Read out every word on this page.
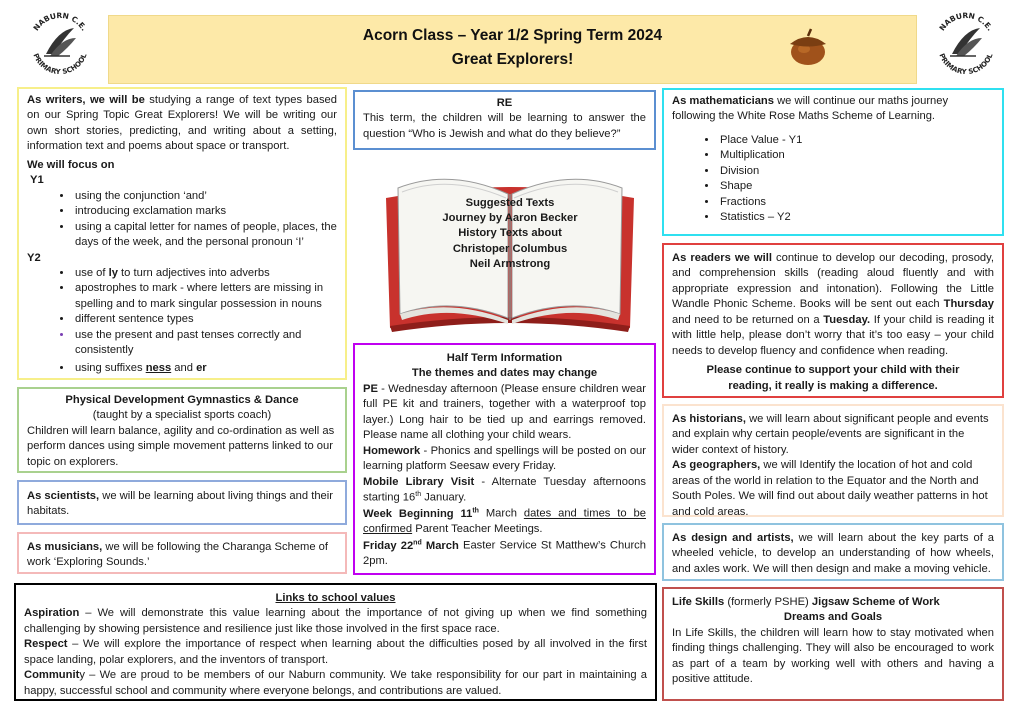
Acorn Class – Year 1/2 Spring Term 2024
Great Explorers!
NABURN C.E.
PRIMARY SCHOOL
NABURN C.E.
PRIMARY SCHOOL

As writers, we will be studying a range of text types based on our Spring Topic Great Explorers! We will be writing our own short stories, predicting, and writing about a setting, information text and poems about space or transport.

We will focus on

Y1

• using the conjunction ‘and’
• introducing exclamation marks
• using a capital letter for names of people, places, the days of the week, and the personal pronoun ‘I’

Y2

• use of ly to turn adjectives into adverbs
• apostrophes to mark - where letters are missing in spelling and to mark singular possession in nouns
• different sentence types
• use the present and past tenses correctly and consistently
• using suffixes ness and er

Physical Development Gymnastics & Dance

(taught by a specialist sports coach)

Children will learn balance, agility and co-ordination as well as perform dances using simple movement patterns linked to our topic on explorers.

As scientists, we will be learning about living things and their habitats.

As musicians, we will be following the Charanga Scheme of work ‘Exploring Sounds.’

Links to school values

Aspiration – We will demonstrate this value learning about the importance of not giving up when we find something challenging by showing persistence and resilience just like those involved in the first space race.

Respect – We will explore the importance of respect when learning about the difficulties posed by all involved in the first space landing, polar explorers, and the inventors of transport.

Community – We are proud to be members of our Naburn community. We take responsibility for our part in maintaining a happy, successful school and community where everyone belongs, and contributions are valued.

RE

This term, the children will be learning to answer the question “Who is Jewish and what do they believe?”

Suggested Texts
Journey by Aaron Becker
History Texts about
Christoper Columbus
Neil Armstrong

Half Term Information

The themes and dates may change

PE - Wednesday afternoon (Please ensure children wear full PE kit and trainers, together with a waterproof top layer.) Long hair to be tied up and earrings removed. Please name all clothing your child wears.

Homework - Phonics and spellings will be posted on our learning platform Seesaw every Friday.

Mobile Library Visit - Alternate Tuesday afternoons starting 16th January.

Week Beginning 11th March dates and times to be confirmed Parent Teacher Meetings.

Friday 22nd March Easter Service St Matthew’s Church 2pm.

As mathematicians we will continue our maths journey following the White Rose Maths Scheme of Learning.

• Place Value - Y1
• Multiplication
• Division
• Shape
• Fractions
• Statistics – Y2

As readers we will continue to develop our decoding, prosody, and comprehension skills (reading aloud fluently and with appropriate expression and intonation). Following the Little Wandle Phonic Scheme. Books will be sent out each Thursday and need to be returned on a Tuesday. If your child is reading it with little help, please don’t worry that it’s too easy – your child needs to develop fluency and confidence when reading.

Please continue to support your child with their

reading, it really is making a difference.

As historians, we will learn about significant people and events and explain why certain people/events are significant in the wider context of history.

As geographers, we will Identify the location of hot and cold areas of the world in relation to the Equator and the North and South Poles. We will find out about daily weather patterns in hot and cold areas.

As design and artists, we will learn about the key parts of a wheeled vehicle, to develop an understanding of how wheels, and axles work. We will then design and make a moving vehicle.

Life Skills (formerly PSHE) Jigsaw Scheme of Work

Dreams and Goals

In Life Skills, the children will learn how to stay motivated when finding things challenging. They will also be encouraged to work as part of a team by working well with others and having a positive attitude.
